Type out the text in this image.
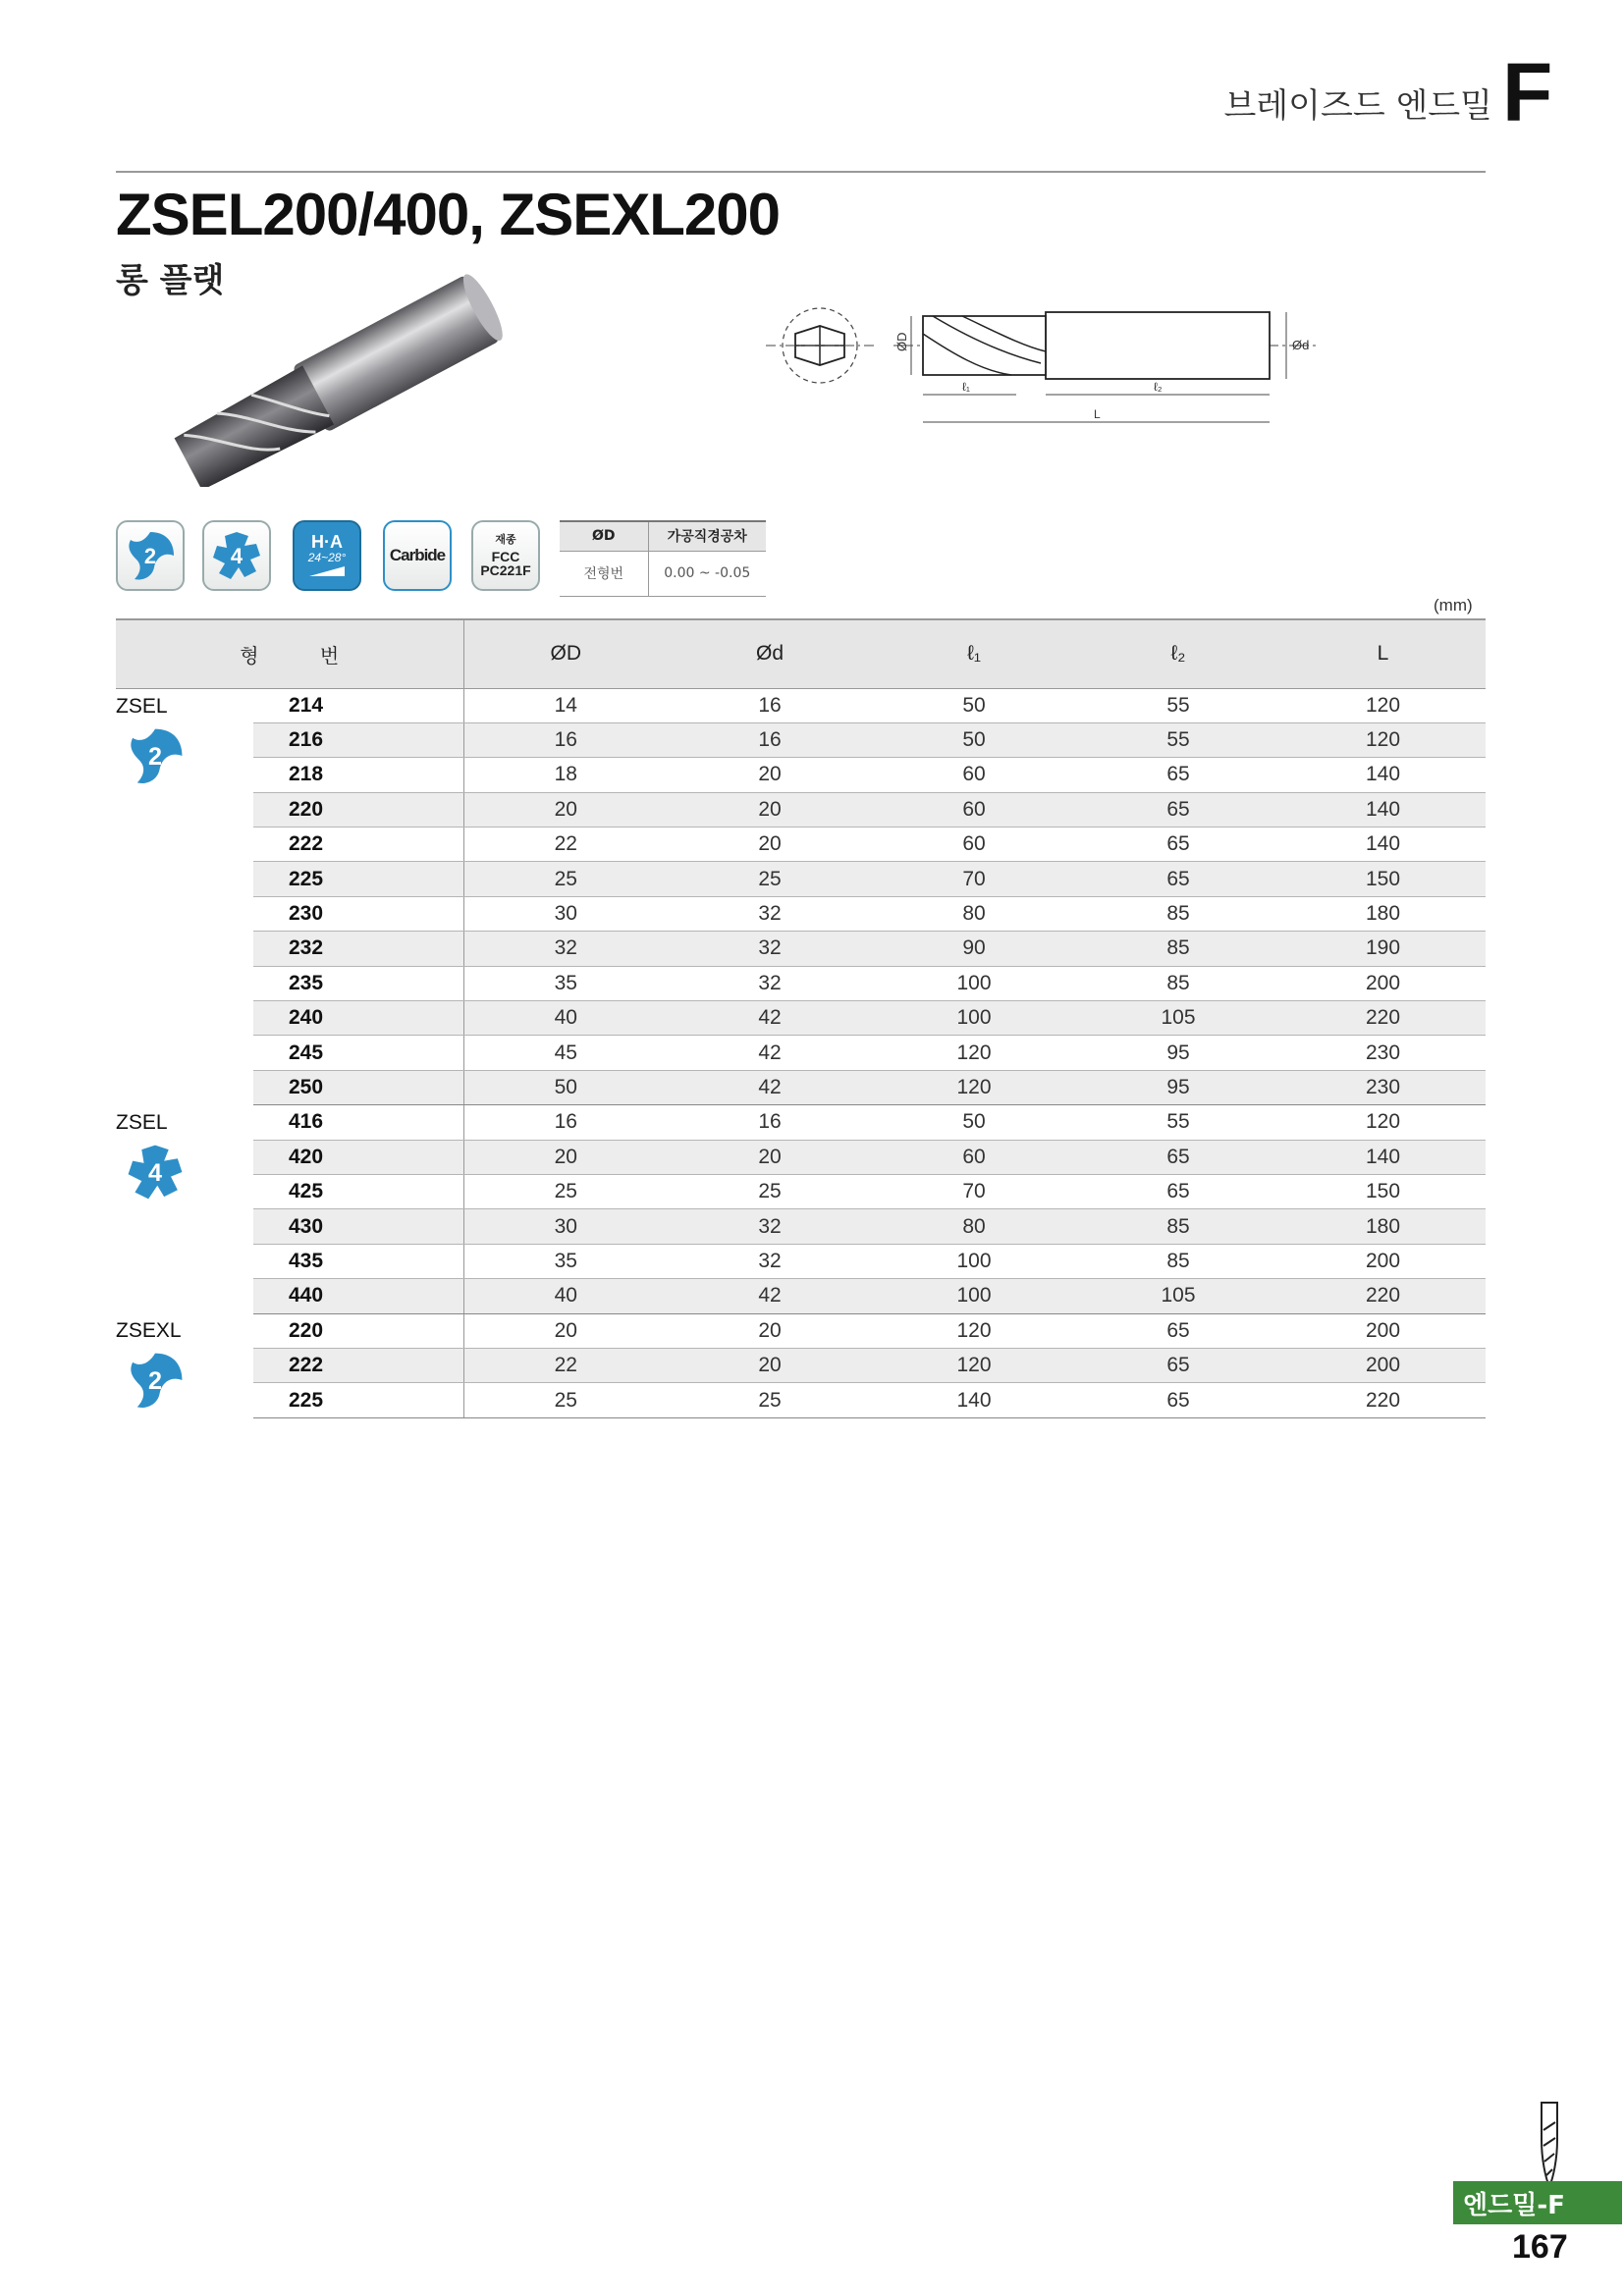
브레이즈드 엔드밀 F
ZSEL200/400, ZSEXL200
롱 플랫
ØD	Ød
ℓ₁	ℓ₂
L
2	4
H·A
24~28°	Carbide
재종
FCC
PC221F
ØD	가공직경공차
전형번	0.00 ~ -0.05
(mm)
형 번		ØD	Ød	ℓ₁	ℓ₂	L

ZSEL
2	214	14	16	50	55	120
	216	16	16	50	55	120
	218	18	20	60	65	140
	220	20	20	60	65	140
	222	22	20	60	65	140
	225	25	25	70	65	150
	230	30	32	80	85	180
	232	32	32	90	85	190
	235	35	32	100	85	200
	240	40	42	100	105	220
	245	45	42	120	95	230
	250	50	42	120	95	230

ZSEL
4	416	16	16	50	55	120
	420	20	20	60	65	140
	425	25	25	70	65	150
	430	30	32	80	85	180
	435	35	32	100	85	200
	440	40	42	100	105	220

ZSEXL
2	220	20	20	120	65	200
	222	22	20	120	65	200
	225	25	25	140	65	220
엔드밀-F
167
